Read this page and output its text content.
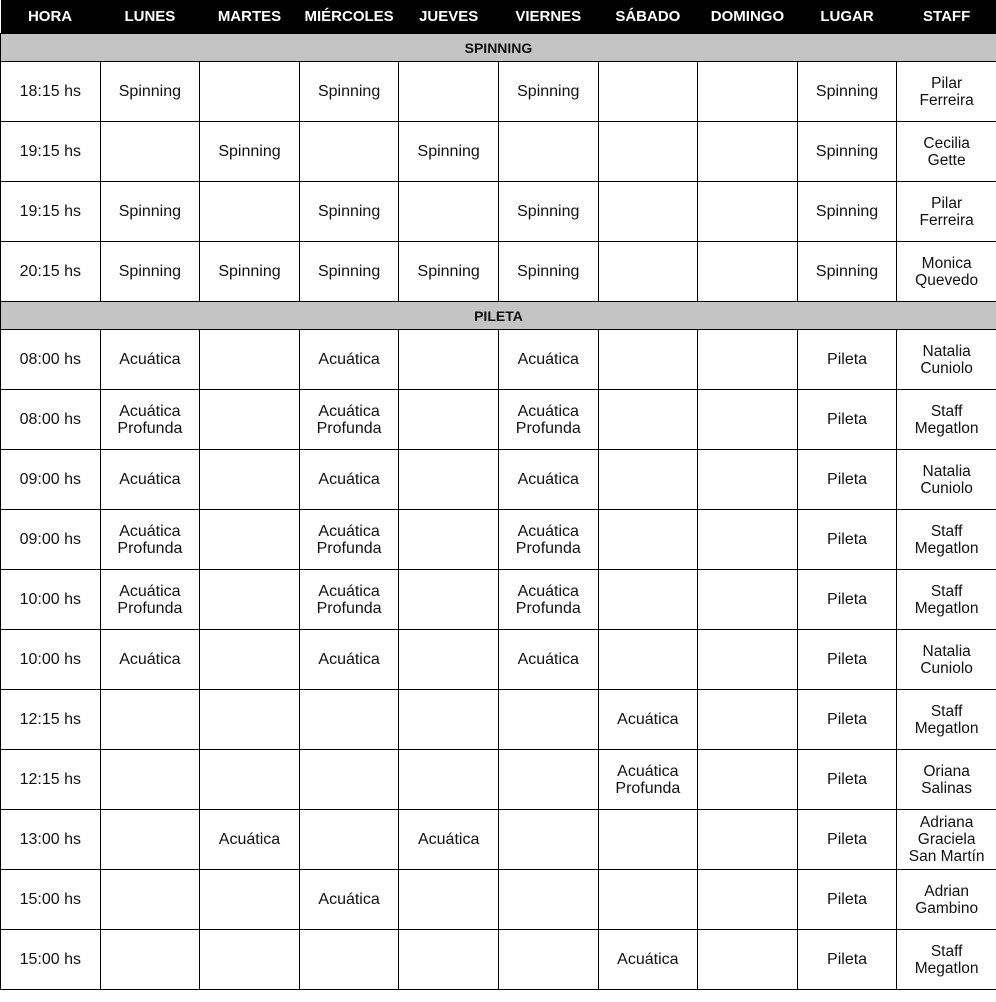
HORA	LUNES	MARTES	MIÉRCOLES	JUEVES	VIERNES	SÁBADO	DOMINGO	LUGAR	STAFF
SPINNING									
18:15 hs	Spinning		Spinning		Spinning			Spinning	Pilar
Ferreira
19:15 hs		Spinning		Spinning				Spinning	Cecilia
Gette
19:15 hs	Spinning		Spinning		Spinning			Spinning	Pilar
Ferreira
20:15 hs	Spinning	Spinning	Spinning	Spinning	Spinning			Spinning	Monica
Quevedo
PILETA									
08:00 hs	Acuática		Acuática		Acuática			Pileta	Natalia
Cuniolo
08:00 hs	Acuática
Profunda		Acuática
Profunda		Acuática
Profunda			Pileta	Staff
Megatlon
09:00 hs	Acuática		Acuática		Acuática			Pileta	Natalia
Cuniolo
09:00 hs	Acuática
Profunda		Acuática
Profunda		Acuática
Profunda			Pileta	Staff
Megatlon
10:00 hs	Acuática
Profunda		Acuática
Profunda		Acuática
Profunda			Pileta	Staff
Megatlon
10:00 hs	Acuática		Acuática		Acuática			Pileta	Natalia
Cuniolo
12:15 hs						Acuática		Pileta	Staff
Megatlon
12:15 hs						Acuática
Profunda		Pileta	Oriana
Salinas
13:00 hs		Acuática		Acuática				Pileta	Adriana
Graciela
San Martín
15:00 hs			Acuática					Pileta	Adrian
Gambino
15:00 hs						Acuática		Pileta	Staff
Megatlon
